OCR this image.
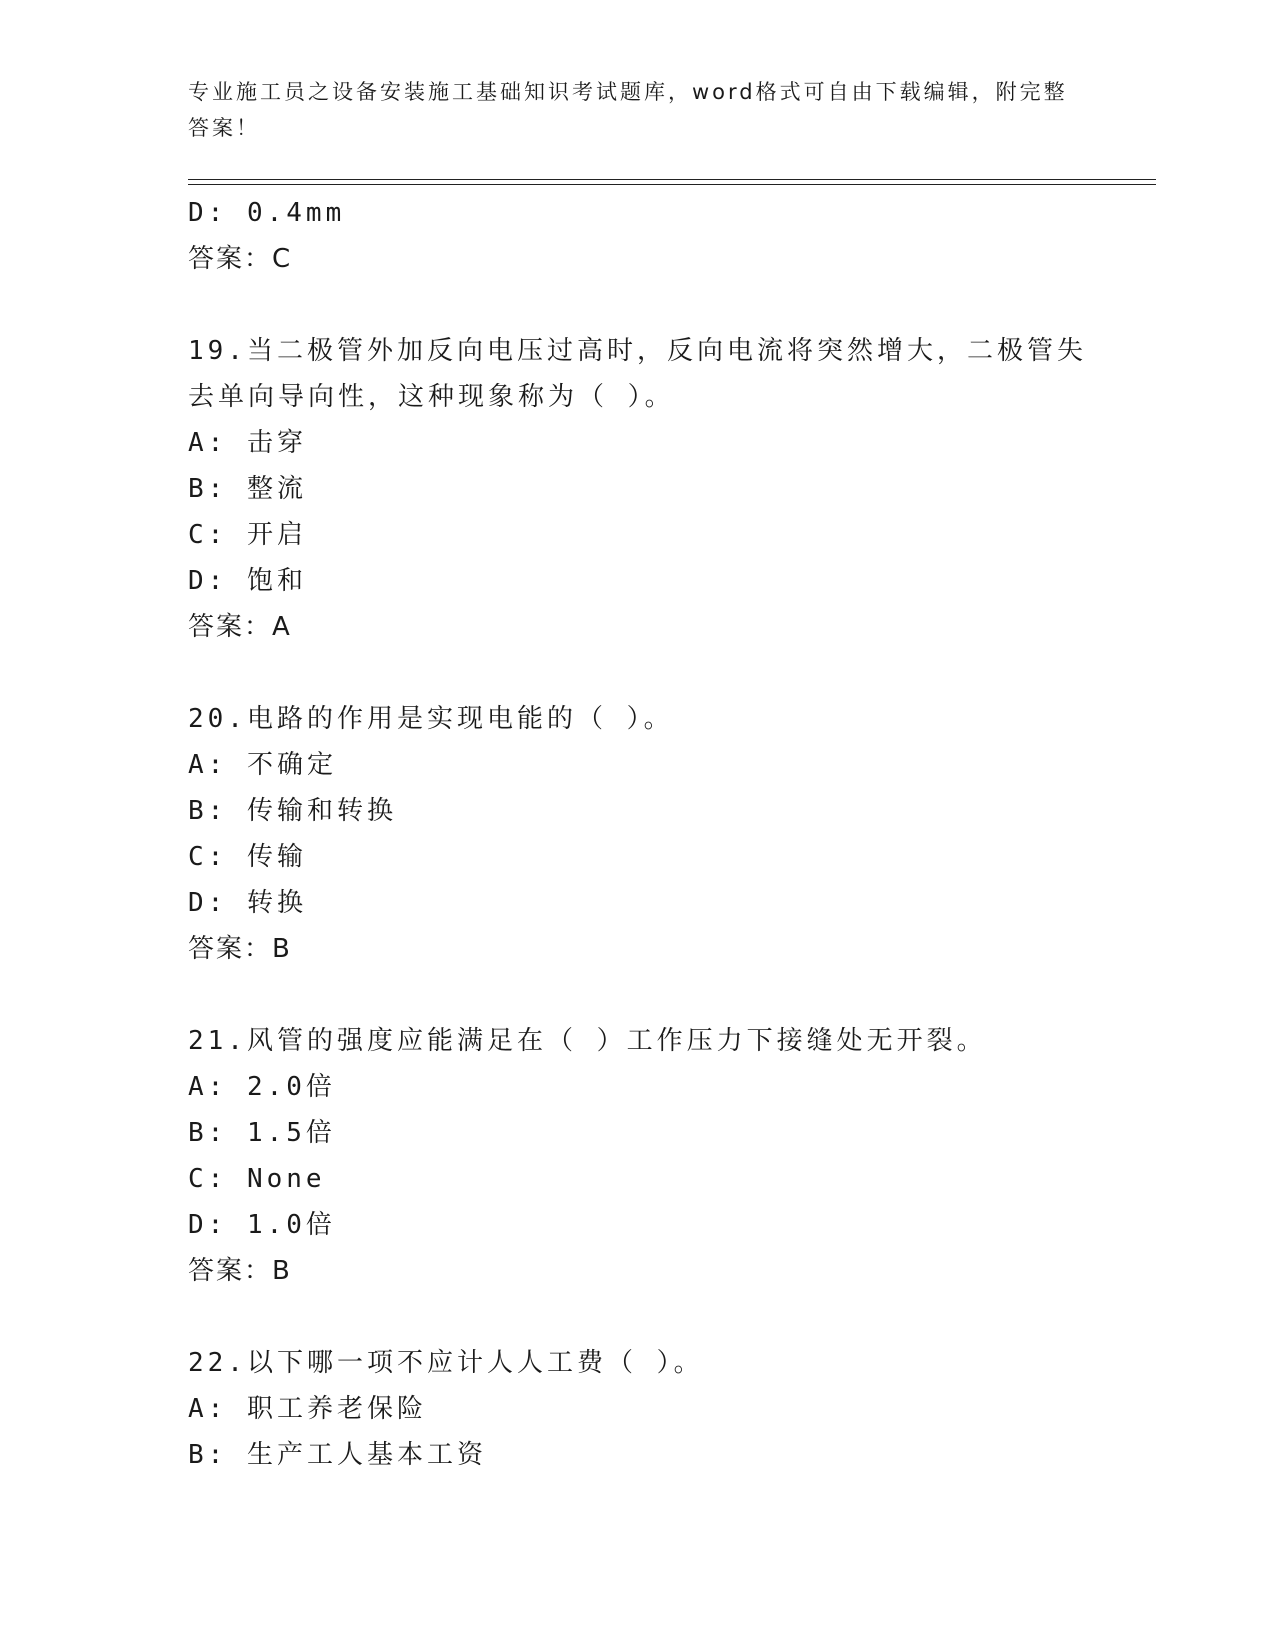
专业施工员之设备安装施工基础知识考试题库，word格式可自由下载编辑，附完整答案！
D: 0.4mm
答案：C
19.当二极管外加反向电压过高时，反向电流将突然增大，二极管失去单向导向性，这种现象称为（ ）。
A: 击穿
B: 整流
C: 开启
D: 饱和
答案：A
20.电路的作用是实现电能的（ ）。
A: 不确定
B: 传输和转换
C: 传输
D: 转换
答案：B
21.风管的强度应能满足在（ ）工作压力下接缝处无开裂。
A: 2.0倍
B: 1.5倍
C: None
D: 1.0倍
答案：B
22.以下哪一项不应计人人工费（ ）。
A: 职工养老保险
B: 生产工人基本工资
